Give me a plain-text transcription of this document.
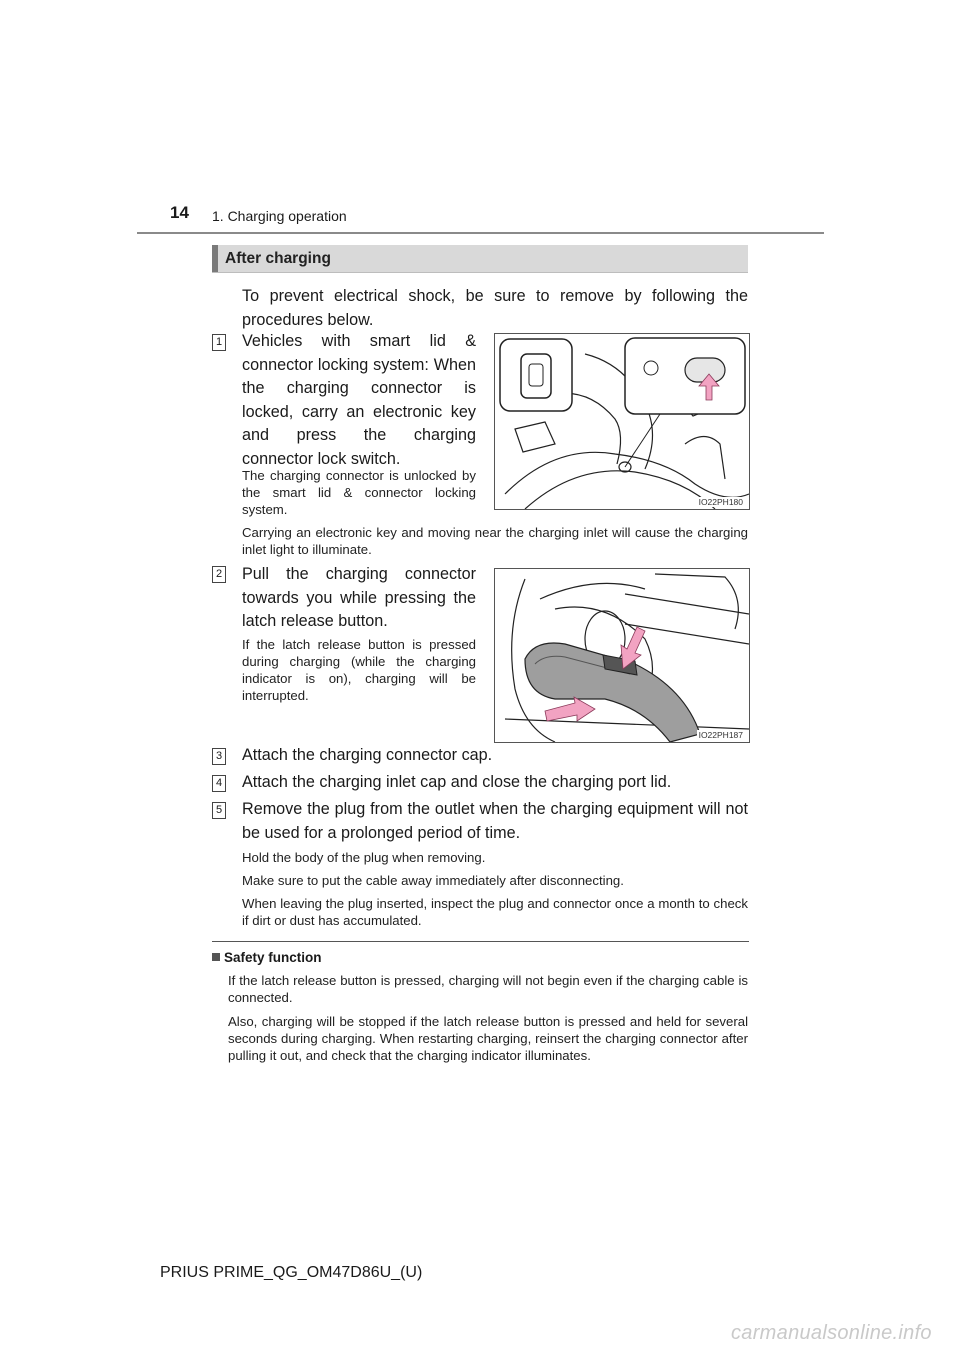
14 1. Charging operation
After charging
To prevent electrical shock, be sure to remove by following the procedures below.
1 Vehicles with smart lid & connector locking system: When the charging connector is locked, carry an electronic key and press the charging connector lock switch.
The charging connector is unlocked by the smart lid & connector locking system.	IO22PH180
Carrying an electronic key and moving near the charging inlet will cause the charging inlet light to illuminate.
2 Pull the charging connector towards you while pressing the latch release button.
If the latch release button is pressed during charging (while the charging indicator is on), charging will be interrupted.
IO22PH187
3 Attach the charging connector cap.
4 Attach the charging inlet cap and close the charging port lid.
5 Remove the plug from the outlet when the charging equipment will not be used for a prolonged period of time.
Hold the body of the plug when removing.
Make sure to put the cable away immediately after disconnecting.
When leaving the plug inserted, inspect the plug and connector once a month to check if dirt or dust has accumulated.
Safety function
If the latch release button is pressed, charging will not begin even if the charging cable is connected.
Also, charging will be stopped if the latch release button is pressed and held for several seconds during charging. When restarting charging, reinsert the charging connector after pulling it out, and check that the charging indicator illuminates.
PRIUS PRIME_QG_OM47D86U_(U)
carmanualsonline.info
